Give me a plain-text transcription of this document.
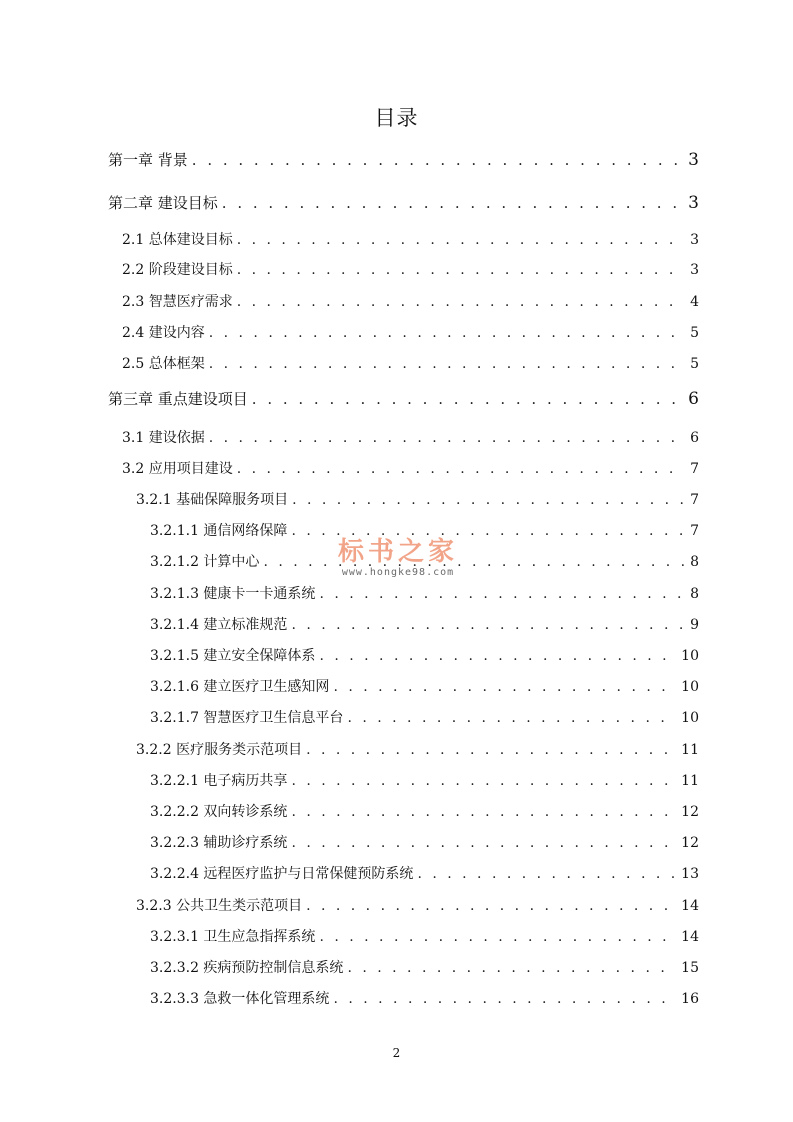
目录
第一章 背景 . . .	3
第二章 建设目标 . . .	3
2.1 总体建设目标 . . .	3
2.2 阶段建设目标 . . .	3
2.3 智慧医疗需求 . . .	4
2.4 建设内容 . . .	5
2.5 总体框架 . . .	5
第三章 重点建设项目 . . .	6
3.1 建设依据 . . .	6
3.2 应用项目建设 . . .	7
3.2.1 基础保障服务项目 . . .	7
3.2.1.1 通信网络保障 . . .	7
3.2.1.2 计算中心 . . .	8
3.2.1.3 健康卡一卡通系统 . . .	8
3.2.1.4 建立标准规范 . . .	9
3.2.1.5 建立安全保障体系 . . .	10
3.2.1.6 建立医疗卫生感知网 . . .	10
3.2.1.7 智慧医疗卫生信息平台 . . .	10
3.2.2 医疗服务类示范项目 . . .	11
3.2.2.1 电子病历共享 . . .	11
3.2.2.2 双向转诊系统 . . .	12
3.2.2.3 辅助诊疗系统 . . .	12
3.2.2.4 远程医疗监护与日常保健预防系统 . . .	13
3.2.3 公共卫生类示范项目 . . .	14
3.2.3.1 卫生应急指挥系统 . . .	14
3.2.3.2 疾病预防控制信息系统 . . .	15
3.2.3.3 急救一体化管理系统 . . .	16
标书之家
www.hongke98.com
2
